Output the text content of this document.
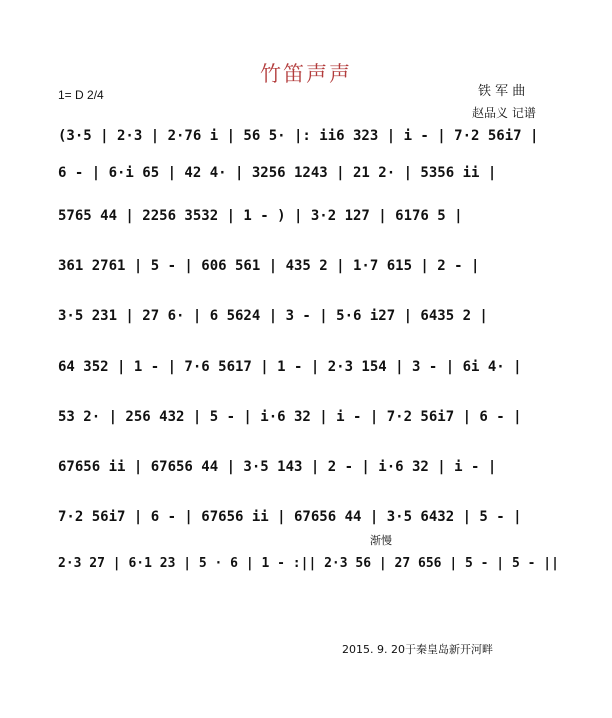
竹笛声声
1= D 2/4	铁 军 曲
赵品义 记谱

(3·5 | 2·3 | 2·76 i | 56 5· |: ii6 323 | i - | 7·2 56i7 |

6 - | 6·i 65 | 42 4· | 3256 1243 | 21 2· | 5356 ii |

5765 44 | 2256 3532 | 1 - ) | 3·2 127 | 6176 5 |

361 2761 | 5 - | 606 561 | 435 2 | 1·7 615 | 2 - |

3·5 231 | 27 6· | 6 5624 | 3 - | 5·6 i27 | 6435 2 |

64 352 | 1 - | 7·6 5617 | 1 - | 2·3 154 | 3 - | 6i 4· |

53 2· | 256 432 | 5 - | i·6 32 | i - | 7·2 56i7 | 6 - |

67656 ii | 67656 44 | 3·5 143 | 2 - | i·6 32 | i - |

7·2 56i7 | 6 - | 67656 ii | 67656 44 | 3·5 6432 | 5 - |

渐慢

2·3 27 | 6·1 23 | 5 · 6 | 1 - :|| 2·3 56 | 27 656 | 5 - | 5 - ||

2015. 9. 20于秦皇岛新开河畔
